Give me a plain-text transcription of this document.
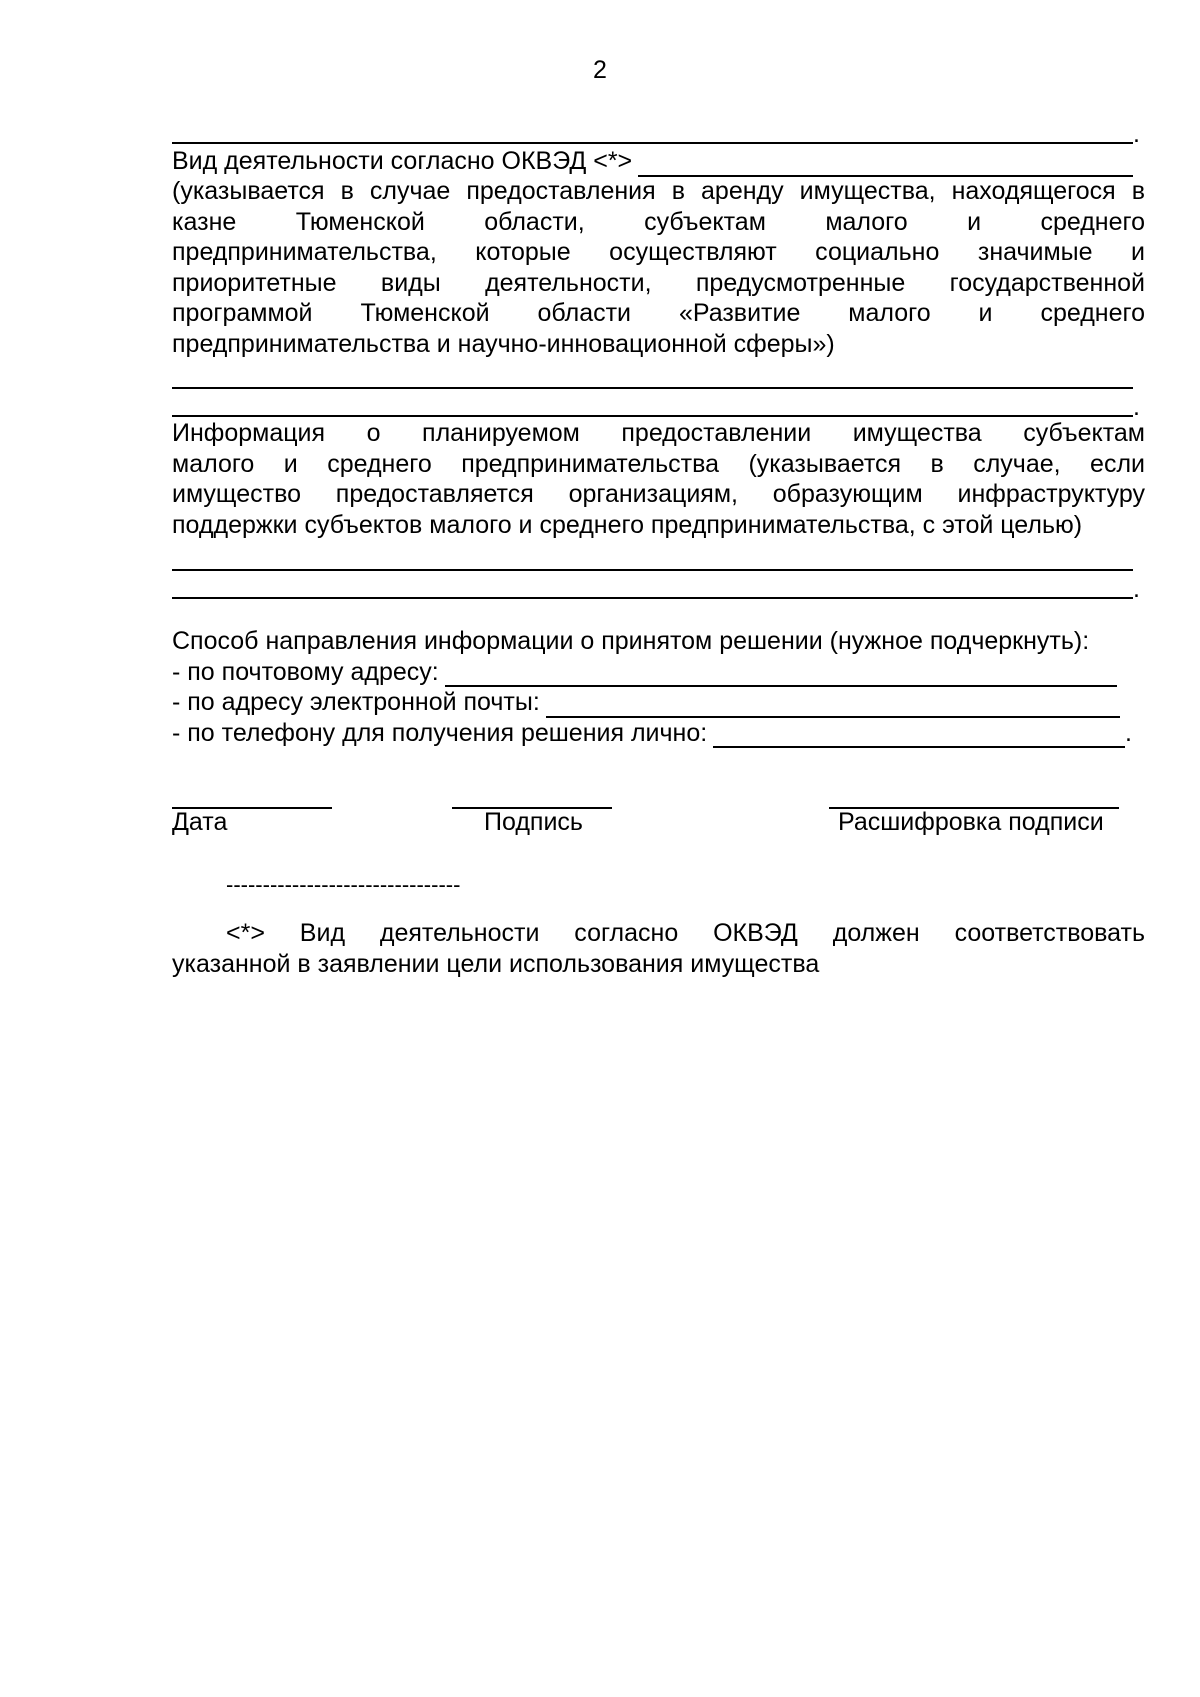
2
.
Вид деятельности согласно ОКВЭД <*>
(указывается в случае предоставления в аренду имущества, находящегося в
казне Тюменской области, субъектам малого и среднего
предпринимательства, которые осуществляют социально значимые и
приоритетные виды деятельности, предусмотренные государственной
программой Тюменской области «Развитие малого и среднего
предпринимательства и научно-инновационной сферы»)
.
Информация о планируемом предоставлении имущества субъектам
малого и среднего предпринимательства (указывается в случае, если
имущество предоставляется организациям, образующим инфраструктуру
поддержки субъектов малого и среднего предпринимательства, с этой целью)
.
Способ направления информации о принятом решении (нужное подчеркнуть):
- по почтовому адресу:
- по адресу электронной почты:
- по телефону для получения решения лично:	.
Дата	Подпись	Расшифровка подписи
--------------------------------
<*> Вид деятельности согласно ОКВЭД должен соответствовать
указанной в заявлении цели использования имущества
